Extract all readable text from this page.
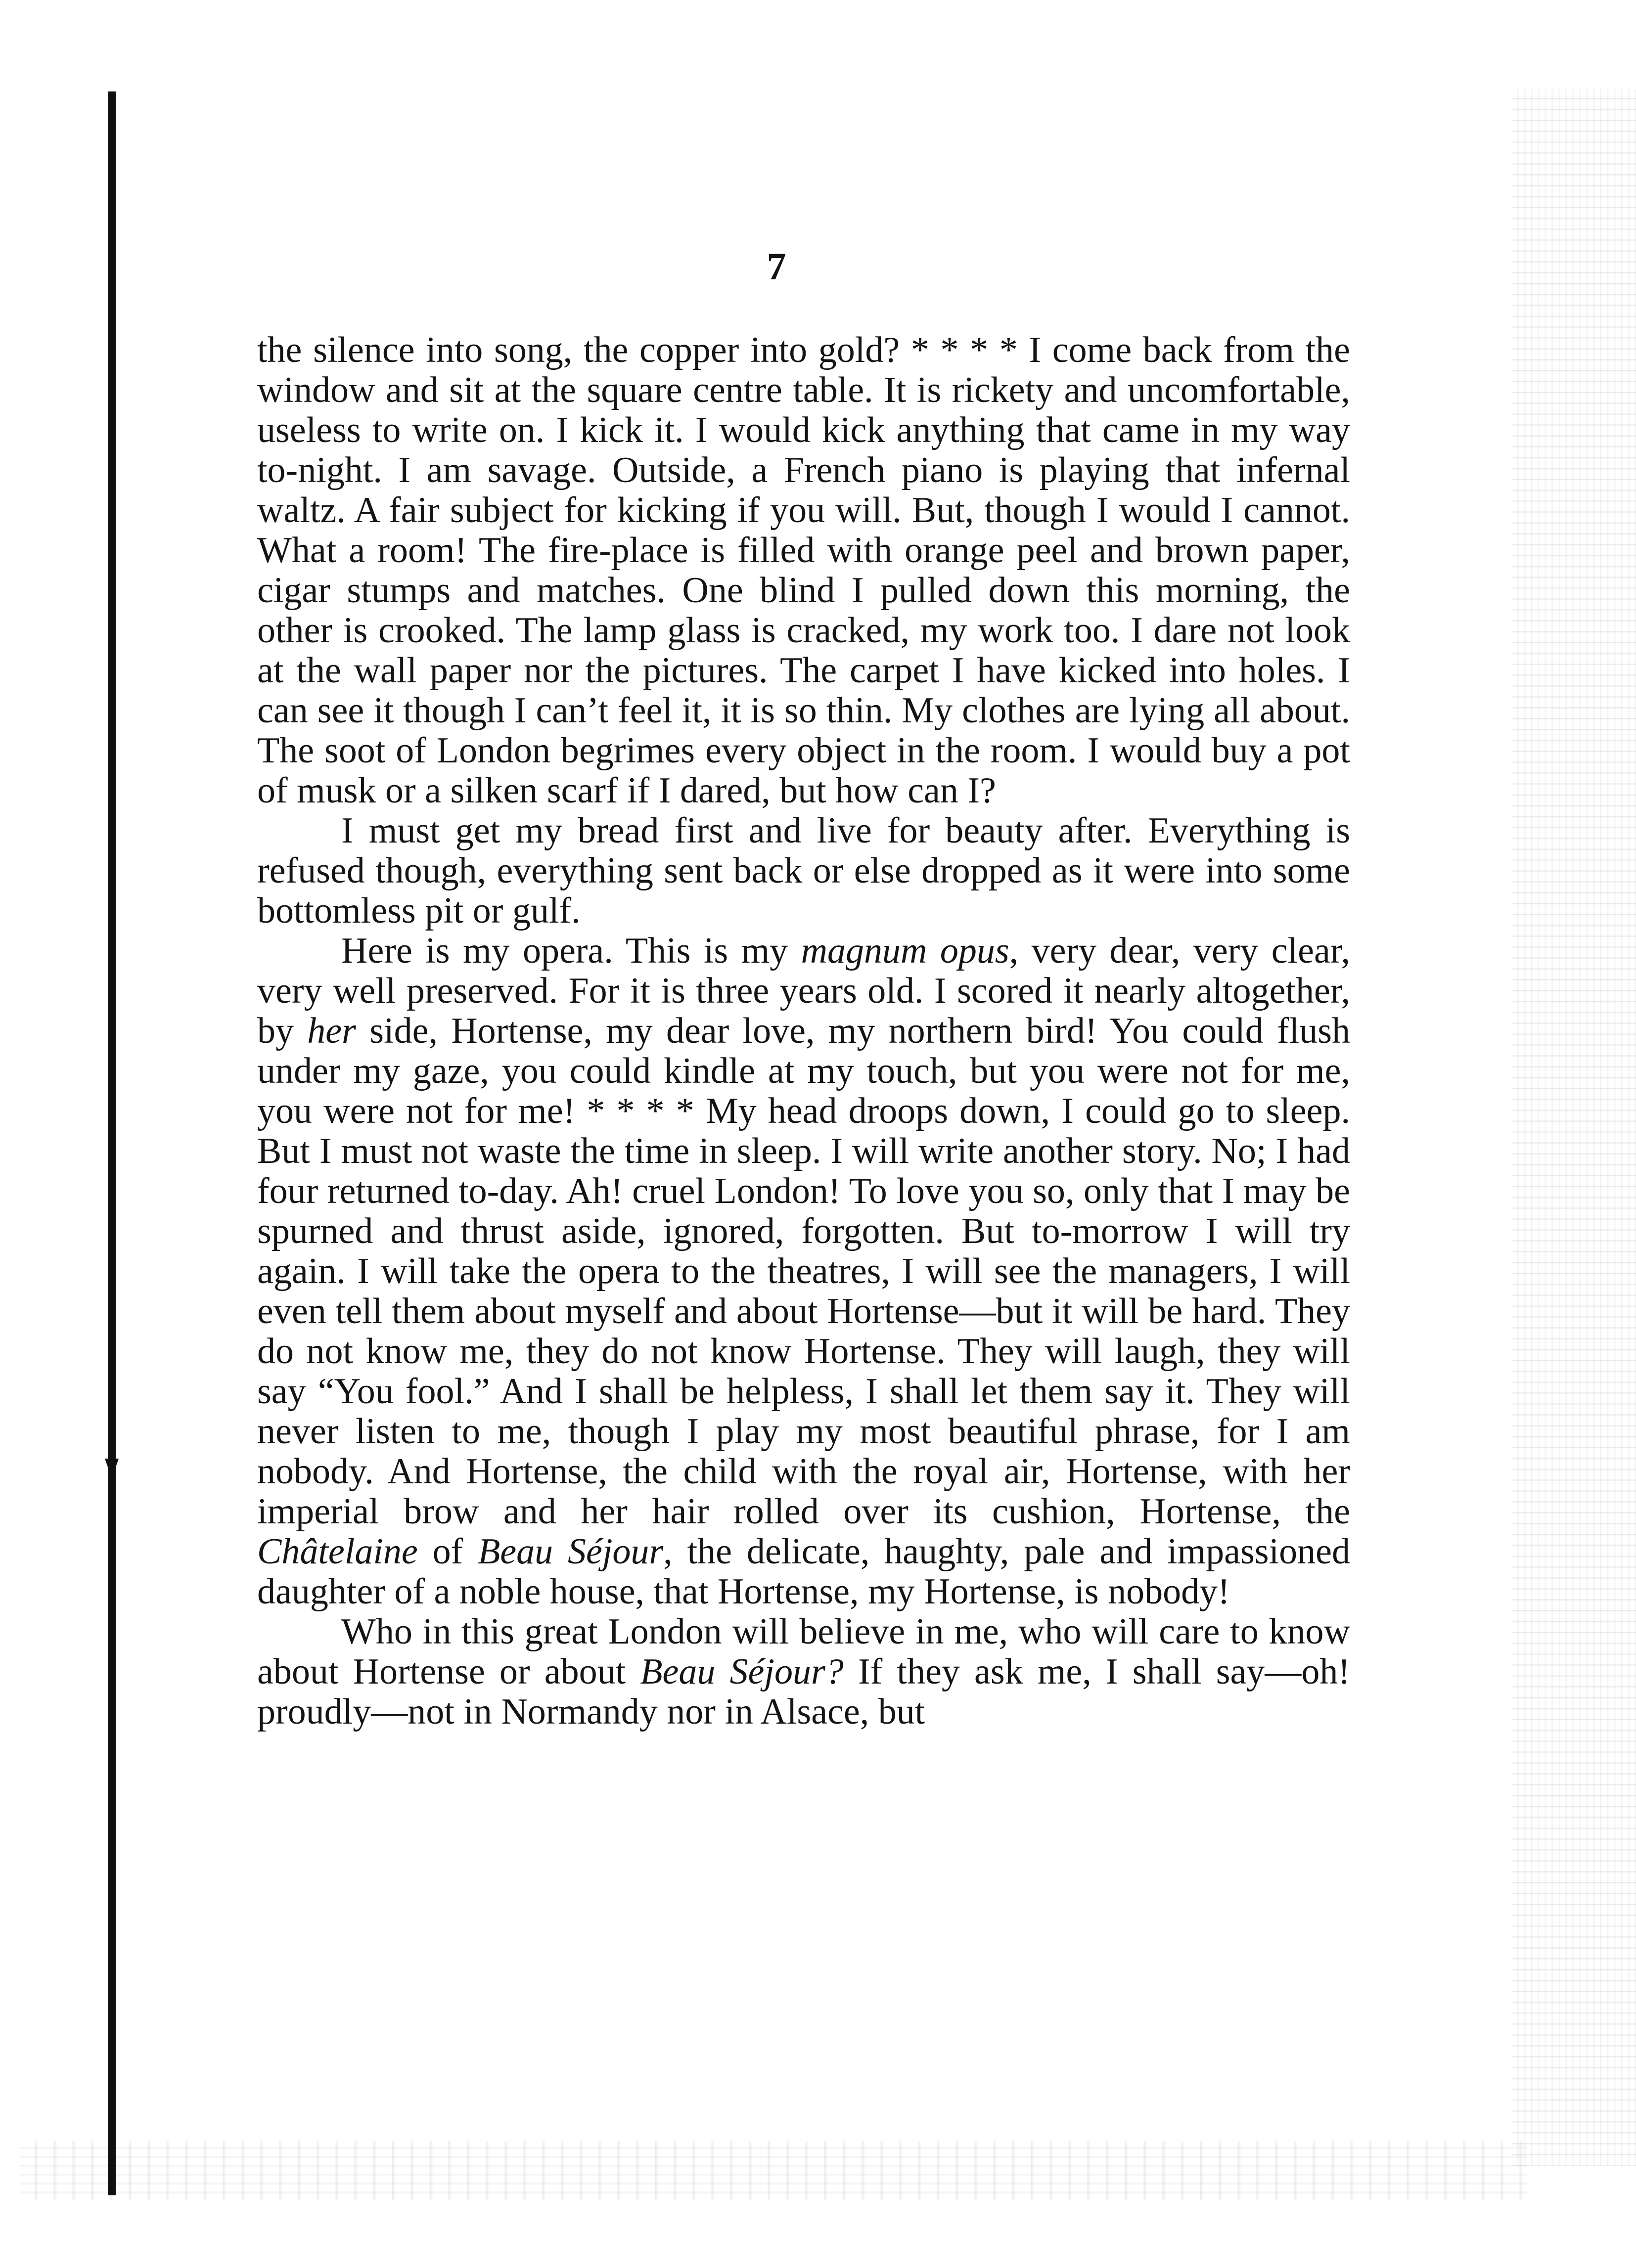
7

the silence into song, the copper into gold? * * * * I come back from the window and sit at the square centre table. It is rickety and uncomfortable, useless to write on. I kick it. I would kick anything that came in my way to-night. I am savage. Outside, a French piano is playing that infernal waltz. A fair subject for kicking if you will. But, though I would I cannot. What a room! The fire-place is filled with orange peel and brown paper, cigar stumps and matches. One blind I pulled down this morning, the other is crooked. The lamp glass is cracked, my work too. I dare not look at the wall paper nor the pictures. The carpet I have kicked into holes. I can see it though I can’t feel it, it is so thin. My clothes are lying all about. The soot of London begrimes every object in the room. I would buy a pot of musk or a silken scarf if I dared, but how can I?

I must get my bread first and live for beauty after. Everything is refused though, everything sent back or else dropped as it were into some bottomless pit or gulf.

Here is my opera. This is my magnum opus, very dear, very clear, very well preserved. For it is three years old. I scored it nearly altogether, by her side, Hortense, my dear love, my northern bird! You could flush under my gaze, you could kindle at my touch, but you were not for me, you were not for me! * * * * My head droops down, I could go to sleep. But I must not waste the time in sleep. I will write another story. No; I had four returned to-day. Ah! cruel London! To love you so, only that I may be spurned and thrust aside, ignored, forgotten. But to-morrow I will try again. I will take the opera to the theatres, I will see the managers, I will even tell them about myself and about Hortense—but it will be hard. They do not know me, they do not know Hortense. They will laugh, they will say “You fool.” And I shall be helpless, I shall let them say it. They will never listen to me, though I play my most beautiful phrase, for I am nobody. And Hortense, the child with the royal air, Hortense, with her imperial brow and her hair rolled over its cushion, Hortense, the Châtelaine of Beau Séjour, the delicate, haughty, pale and impassioned daughter of a noble house, that Hortense, my Hortense, is nobody!

Who in this great London will believe in me, who will care to know about Hortense or about Beau Séjour? If they ask me, I shall say—oh! proudly—not in Normandy nor in Alsace, but
